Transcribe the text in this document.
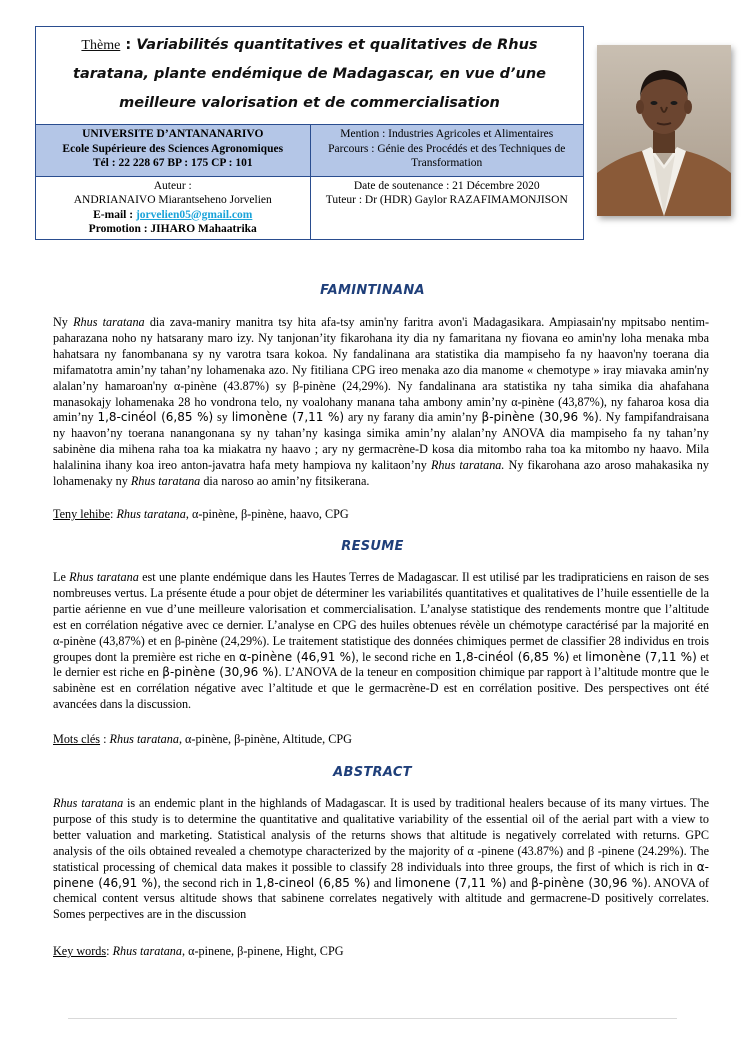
Thème : Variabilités quantitatives et qualitatives de Rhus taratana, plante endémique de Madagascar, en vue d’une meilleure valorisation et de commercialisation
UNIVERSITE D’ANTANANARIVO
Ecole Supérieure des Sciences Agronomiques
Tél : 22 228 67 BP : 175 CP : 101
Mention : Industries Agricoles et Alimentaires
Parcours : Génie des Procédés et des Techniques de Transformation
Auteur :
ANDRIANAIVO Miarantseheno Jorvelien
E-mail : jorvelien05@gmail.com
Promotion : JIHARO Mahaatrika
Date de soutenance : 21 Décembre 2020
Tuteur : Dr (HDR) Gaylor RAZAFIMAMONJISON
FAMINTINANA
Ny Rhus taratana dia zava-maniry manitra tsy hita afa-tsy amin'ny faritra avon'i Madagasikara. Ampiasain'ny mpitsabo nentim-paharazana noho ny hatsarany maro izy. Ny tanjonan’ity fikarohana ity dia ny famaritana ny fiovana eo amin'ny loha menaka mba hahatsara ny fanombanana sy ny varotra tsara kokoa. Ny fandalinana ara statistika dia mampiseho fa ny haavon'ny toerana dia mifamatotra amin’ny tahan’ny lohamenaka azo. Ny fitiliana CPG ireo menaka azo dia manome « chemotype » iray miavaka amin'ny alalan’ny hamaroan'ny α-pinène (43.87%) sy β-pinène (24,29%). Ny fandalinana ara statistika ny taha simika dia ahafahana manasokajy lohamenaka 28 ho vondrona telo, ny voalohany manana taha ambony amin’ny α-pinène (43,87%), ny faharoa kosa dia amin’ny 1,8-cinéol (6,85 %) sy limonène (7,11 %) ary ny farany dia amin’ny β-pinène (30,96 %). Ny fampifandraisana ny haavon’ny toerana nanangonana sy ny tahan’ny kasinga simika amin’ny alalan’ny ANOVA dia mampiseho fa ny tahan’ny sabinène dia mihena raha toa ka miakatra ny haavo ; ary ny germacrène-D kosa dia mitombo raha toa ka mitombo ny haavo. Mila halalinina ihany koa ireo anton-javatra hafa mety hampiova ny kalitaon’ny Rhus taratana. Ny fikarohana azo aroso mahakasika ny lohamenaky ny Rhus taratana dia naroso ao amin’ny fitsikerana.
Teny lehibe: Rhus taratana, α-pinène, β-pinène, haavo, CPG
RESUME
Le Rhus taratana est une plante endémique dans les Hautes Terres de Madagascar. Il est utilisé par les tradipraticiens en raison de ses nombreuses vertus. La présente étude a pour objet de déterminer les variabilités quantitatives et qualitatives de l’huile essentielle de la partie aérienne en vue d’une meilleure valorisation et commercialisation. L’analyse statistique des rendements montre que l’altitude est en corrélation négative avec ce dernier. L’analyse en CPG des huiles obtenues révèle un chémotype caractérisé par la majorité en α-pinène (43,87%) et en β-pinène (24,29%). Le traitement statistique des données chimiques permet de classifier 28 individus en trois groupes dont la première est riche en α-pinène (46,91 %), le second riche en 1,8-cinéol (6,85 %) et limonène (7,11 %) et le dernier est riche en β-pinène (30,96 %). L’ANOVA de la teneur en composition chimique par rapport à l’altitude montre que le sabinène est en corrélation négative avec l’altitude et que le germacrène-D est en corrélation positive. Des perspectives ont été avancées dans la discussion.
Mots clés : Rhus taratana, α-pinène, β-pinène, Altitude, CPG
ABSTRACT
Rhus taratana is an endemic plant in the highlands of Madagascar. It is used by traditional healers because of its many virtues. The purpose of this study is to determine the quantitative and qualitative variability of the essential oil of the aerial part with a view to better valuation and marketing. Statistical analysis of the returns shows that altitude is negatively correlated with returns. GPC analysis of the oils obtained revealed a chemotype characterized by the majority of α -pinene (43.87%) and β -pinene (24.29%). The statistical processing of chemical data makes it possible to classify 28 individuals into three groups, the first of which is rich in α-pinene (46,91 %), the second rich in 1,8-cineol (6,85 %) and limonene (7,11 %) and β-pinène (30,96 %). ANOVA of chemical content versus altitude shows that sabinene correlates negatively with altitude and germacrene-D positively correlates. Somes perpectives are in the discussion
Key words: Rhus taratana, α-pinene, β-pinene, Hight, CPG
